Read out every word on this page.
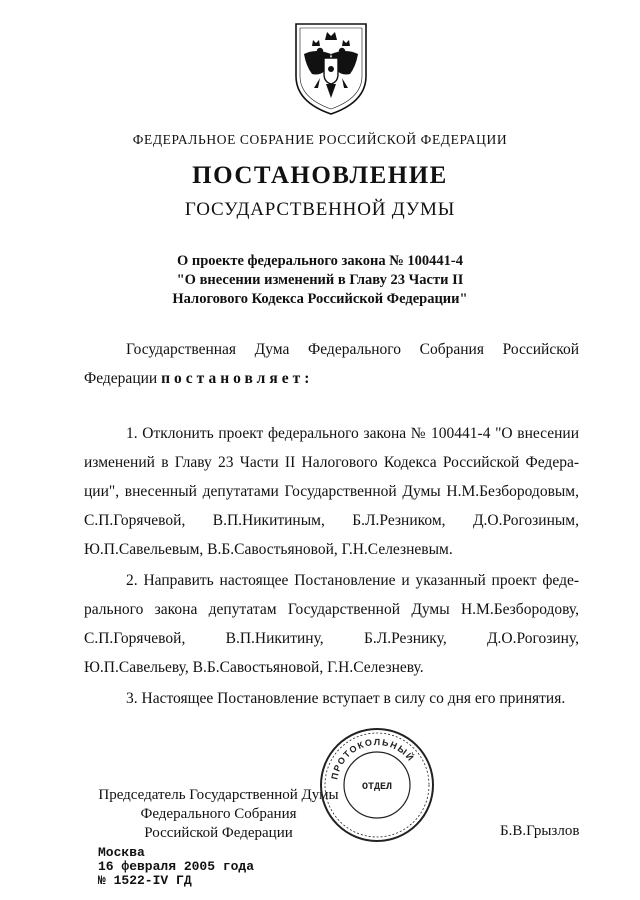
ФЕДЕРАЛЬНОЕ СОБРАНИЕ РОССИЙСКОЙ ФЕДЕРАЦИИ
ПОСТАНОВЛЕНИЕ
ГОСУДАРСТВЕННОЙ ДУМЫ
О проекте федерального закона № 100441-4
"О внесении изменений в Главу 23 Части II
Налогового Кодекса Российской Федерации"
Государственная Дума Федерального Собрания Российской
Федерации постановляет:
1. Отклонить проект федерального закона № 100441-4 "О внесении
изменений в Главу 23 Части II Налогового Кодекса Российской Федера-
ции", внесенный депутатами Государственной Думы Н.М.Безбородовым,
С.П.Горячевой, В.П.Никитиным, Б.Л.Резником, Д.О.Рогозиным,
Ю.П.Савельевым, В.Б.Савостьяновой, Г.Н.Селезневым.
2. Направить настоящее Постановление и указанный проект феде-
рального закона депутатам Государственной Думы Н.М.Безбородову,
С.П.Горячевой, В.П.Никитину, Б.Л.Резнику, Д.О.Рогозину,
Ю.П.Савельеву, В.Б.Савостьяновой, Г.Н.Селезневу.
3. Настоящее Постановление вступает в силу со дня его принятия.
Председатель Государственной Думы
Федерального Собрания
Российской Федерации
ПРОТОКОЛЬНЫЙ
ОТДЕЛ
Б.В.Грызлов
Москва
16 февраля 2005 года
№ 1522-IV ГД
